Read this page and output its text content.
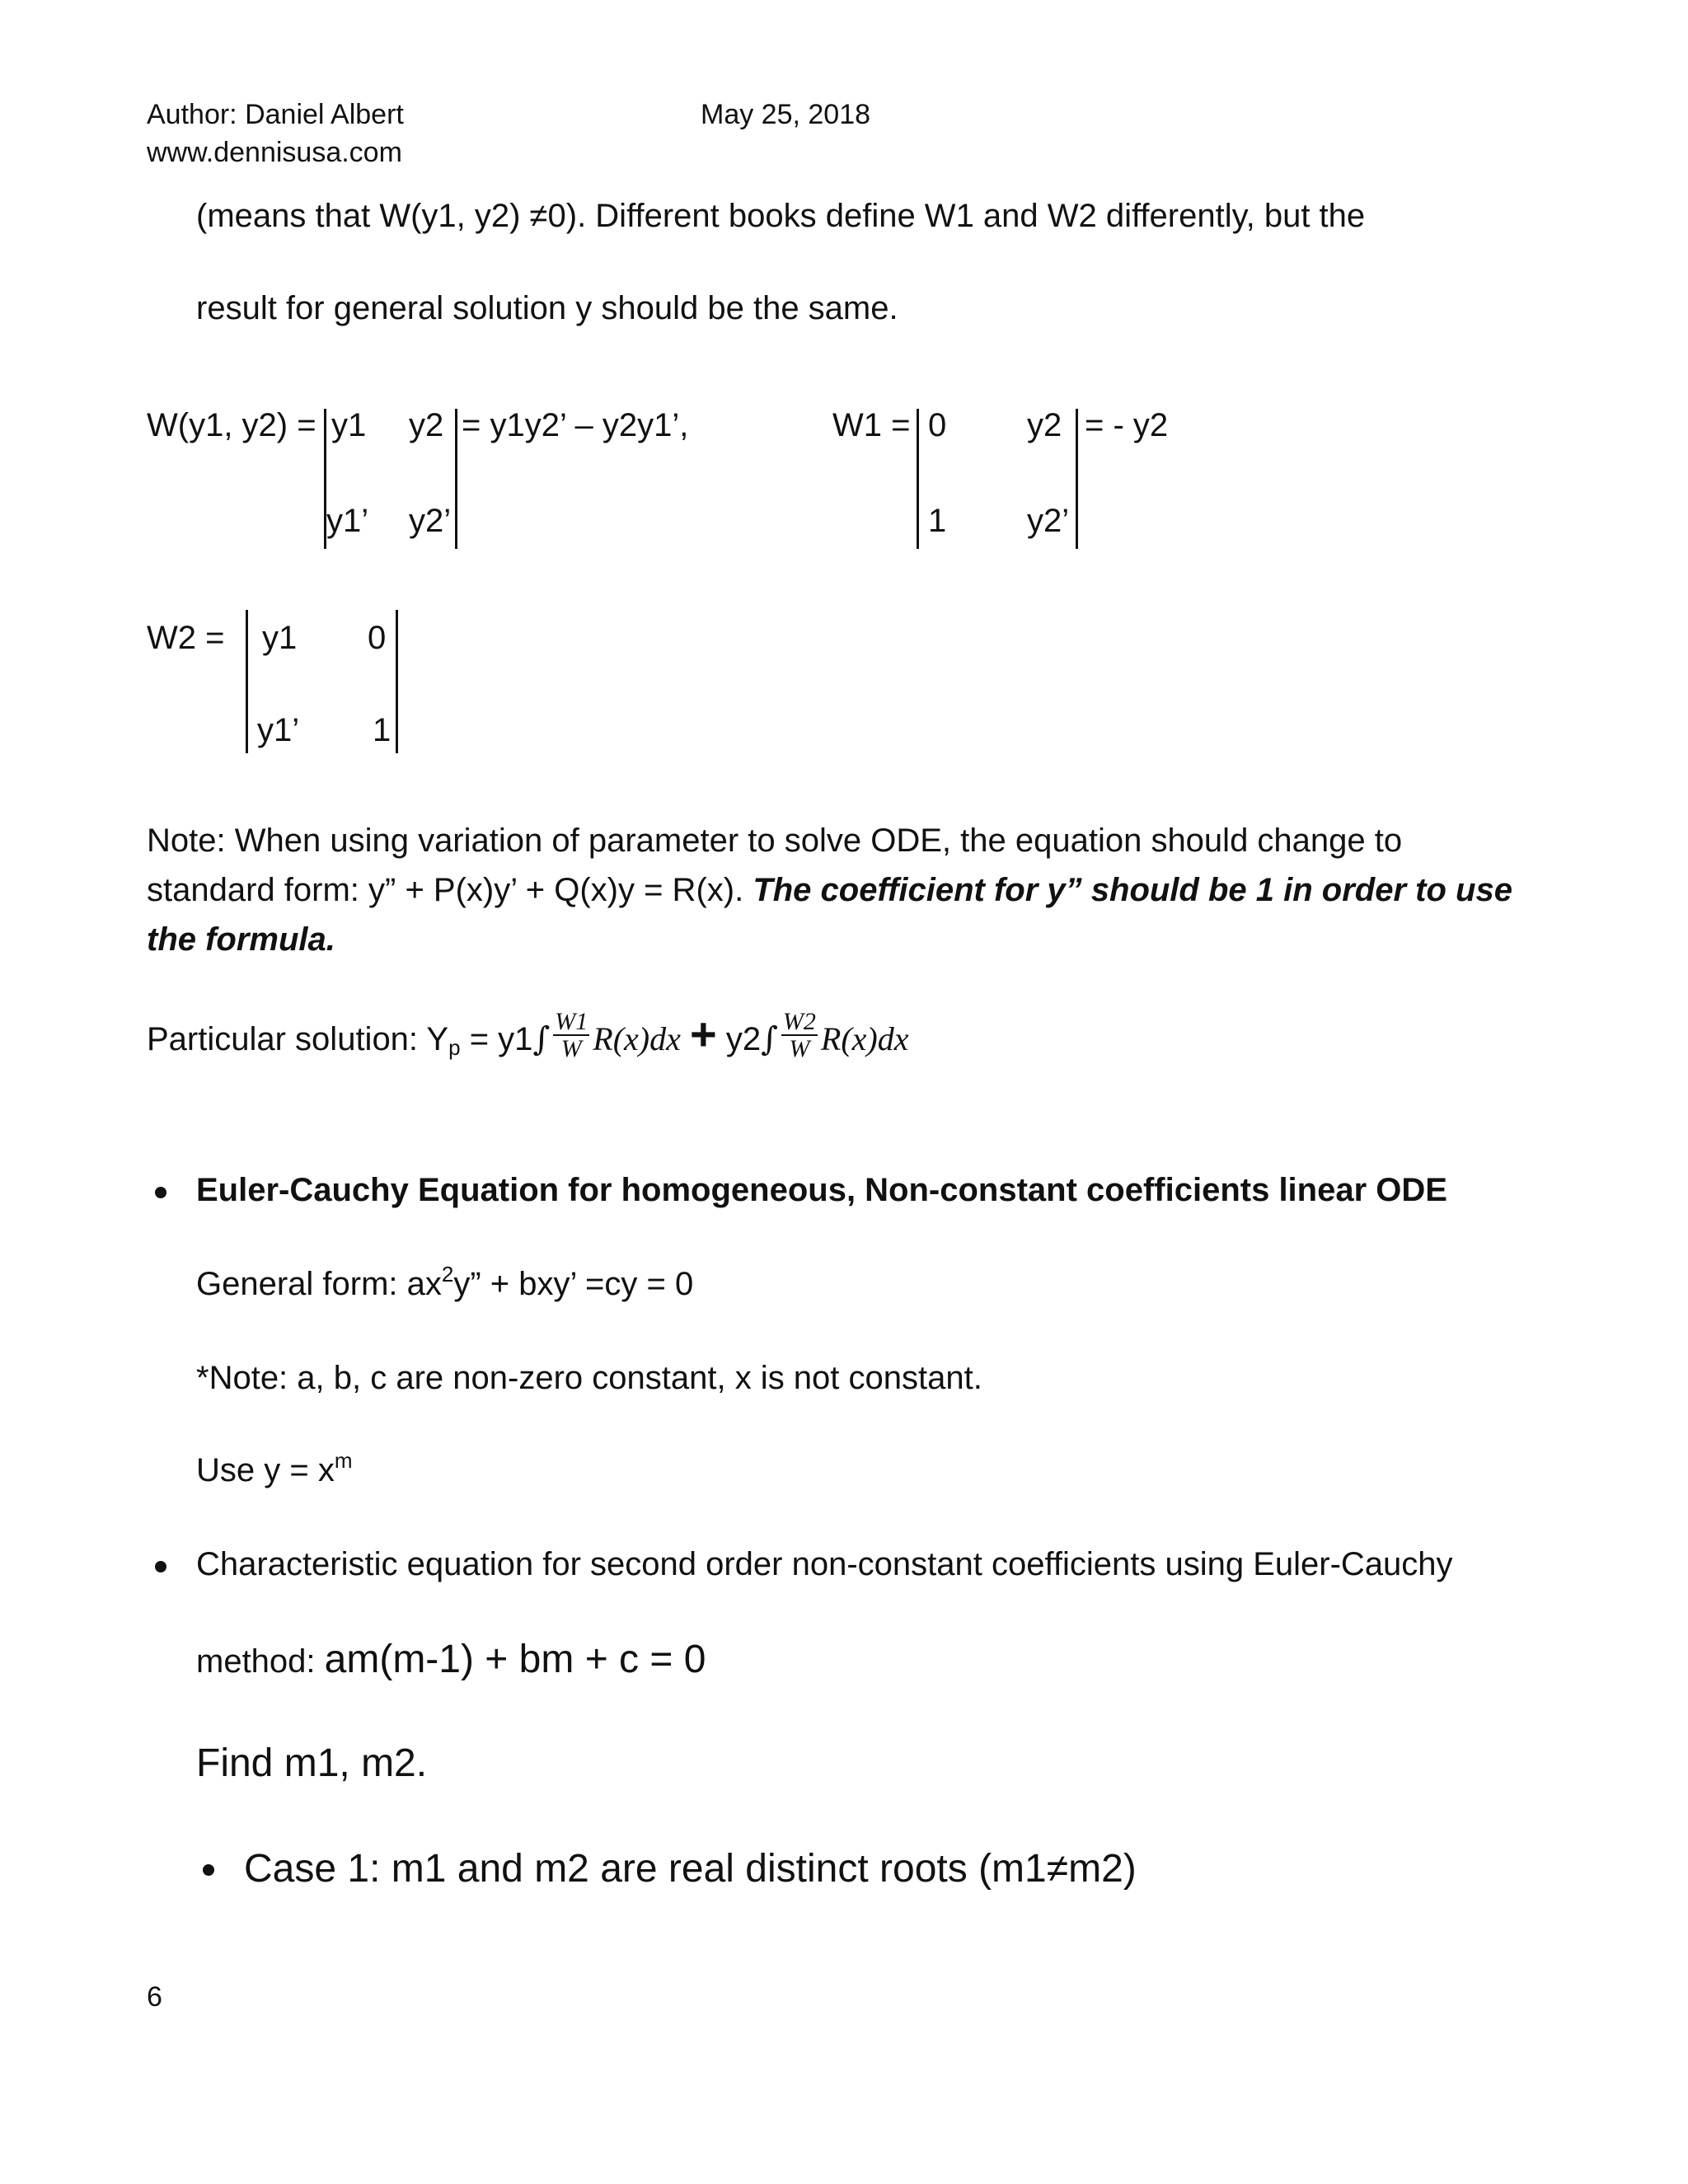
Author: Daniel Albert	May 25, 2018
www.dennisusa.com
(means that W(y1, y2) ≠0). Different books define W1 and W2 differently, but the
result for general solution y should be the same.
W(y1, y2) = y1 y2
y1’ y2’
= y1y2’ – y2y1’,	W1 = 0 y2
1 y2’
= - y2
W2 = y1 0
y1’ 1
Note: When using variation of parameter to solve ODE, the equation should change to
standard form: y” + P(x)y’ + Q(x)y = R(x). The coefficient for y” should be 1 in order to use
the formula.
Particular solution: $Y_p = y1\int \frac{W1}{W} R(x)dx + y2\int \frac{W2}{W} R(x)dx$
Euler-Cauchy Equation for homogeneous, Non-constant coefficients linear ODE
General form: $ax^2y$” + bxy’ =cy = 0
*Note: a, b, c are non-zero constant, x is not constant.
Use $y = x^m$
Characteristic equation for second order non-constant coefficients using Euler-Cauchy
method: am(m-1) + bm + c = 0
Find m1, m2.
Case 1: m1 and m2 are real distinct roots (m1≠m2)
6
